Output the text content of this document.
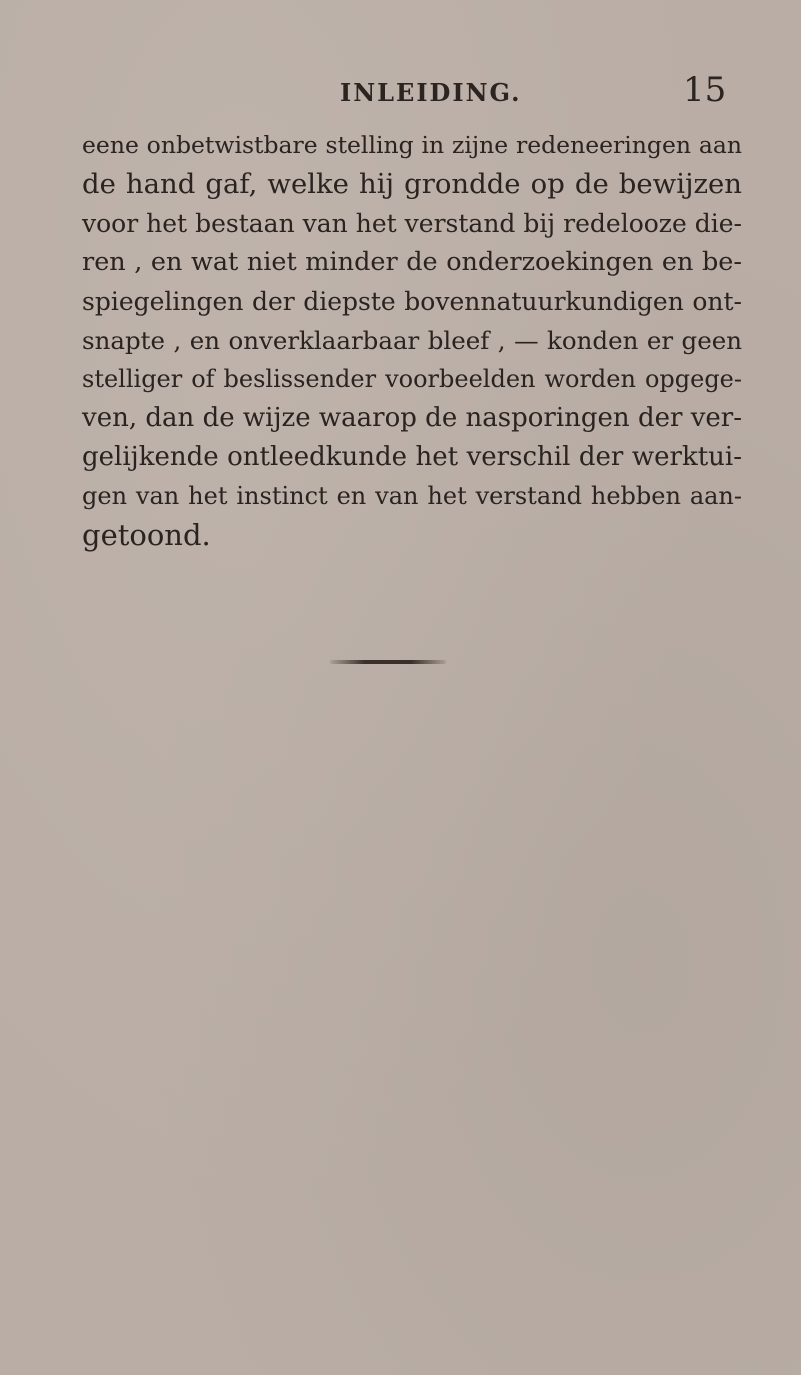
INLEIDING.	15
eene onbetwistbare stelling in zijne redeneeringen aan
de hand gaf, welke hij grondde op de bewijzen
voor het bestaan van het verstand bij redelooze die-
ren , en wat niet minder de onderzoekingen en be-
spiegelingen der diepste bovennatuurkundigen ont-
snapte , en onverklaarbaar bleef , — konden er geen
stelliger of beslissender voorbeelden worden opgege-
ven, dan de wijze waarop de nasporingen der ver-
gelijkende ontleedkunde het verschil der werktui-
gen van het instinct en van het verstand hebben aan-
getoond.
